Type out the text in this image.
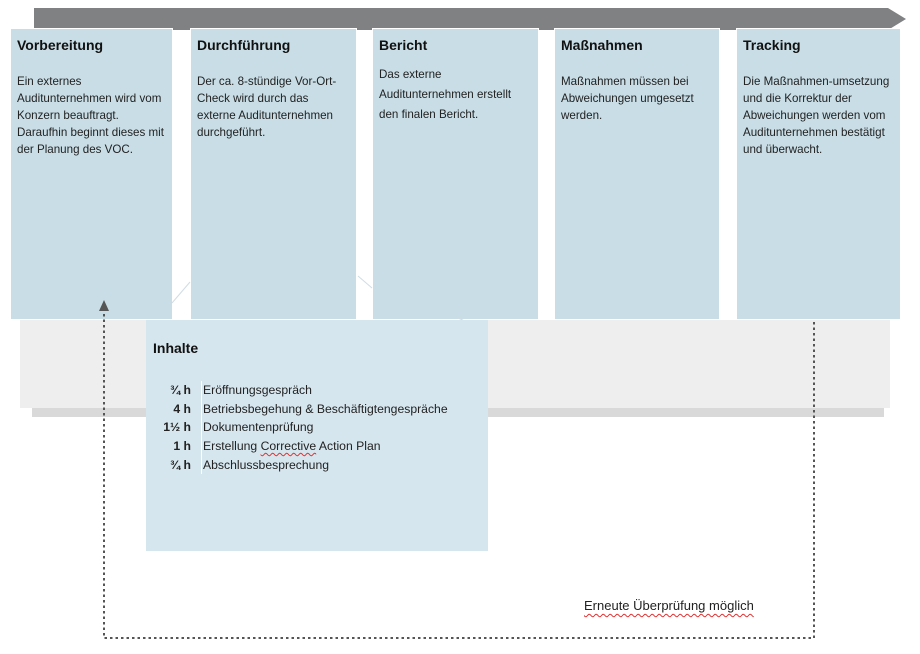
Vorbereitung
Ein externes Auditunternehmen wird vom Konzern beauftragt. Daraufhin beginnt dieses mit der Planung des VOC.
Durchführung
Der ca. 8-stündige Vor-Ort-Check wird durch das externe Auditunternehmen durchgeführt.
Bericht
Das externe Auditunternehmen erstellt den finalen Bericht.
Maßnahmen
Maßnahmen müssen bei Abweichungen umgesetzt werden.
Tracking
Die Maßnahmen-umsetzung und die Korrektur der Abweichungen werden vom Auditunternehmen bestätigt und überwacht.
Inhalte
¾ h Eröffnungsgespräch
4 h Betriebsbegehung & Beschäftigtengespräche
1½ h Dokumentenprüfung
1 h Erstellung Corrective Action Plan
¾ h Abschlussbesprechung
Erneute Überprüfung möglich
